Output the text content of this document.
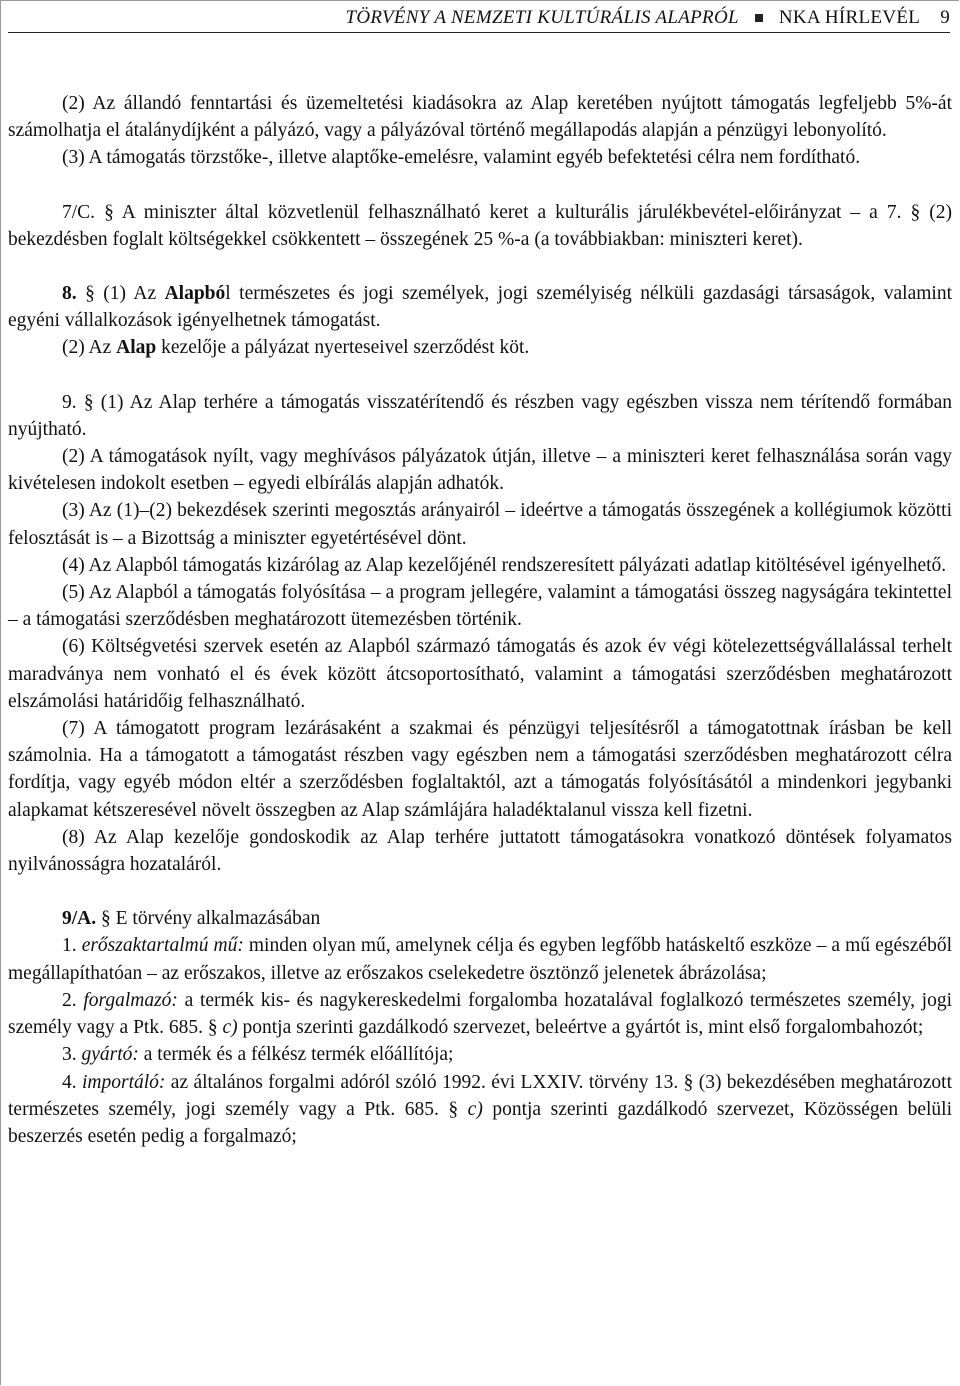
TÖRVÉNY A NEMZETI KULTÚRÁLIS ALAPRÓL NKA HÍRLEVÉL 9

(2) Az állandó fenntartási és üzemeltetési kiadásokra az Alap keretében nyújtott támogatás legfeljebb 5%-át számolhatja el átalánydíjként a pályázó, vagy a pályázóval történő megállapodás alapján a pénzügyi lebonyolító.

(3) A támogatás törzstőke-, illetve alaptőke-emelésre, valamint egyéb befektetési célra nem fordítható.

7/C. § A miniszter által közvetlenül felhasználható keret a kulturális járulékbevétel-előirányzat – a 7. § (2) bekezdésben foglalt költségekkel csökkentett – összegének 25 %-a (a továbbiakban: miniszteri keret).

8. § (1) Az Alapból természetes és jogi személyek, jogi személyiség nélküli gazdasági társaságok, valamint egyéni vállalkozások igényelhetnek támogatást.

(2) Az Alap kezelője a pályázat nyerteseivel szerződést köt.

9. § (1) Az Alap terhére a támogatás visszatérítendő és részben vagy egészben vissza nem térítendő formában nyújtható.

(2) A támogatások nyílt, vagy meghívásos pályázatok útján, illetve – a miniszteri keret felhasználása során vagy kivételesen indokolt esetben – egyedi elbírálás alapján adhatók.

(3) Az (1)–(2) bekezdések szerinti megosztás arányairól – ideértve a támogatás összegének a kollégiumok közötti felosztását is – a Bizottság a miniszter egyetértésével dönt.

(4) Az Alapból támogatás kizárólag az Alap kezelőjénél rendszeresített pályázati adatlap kitöltésével igényelhető.

(5) Az Alapból a támogatás folyósítása – a program jellegére, valamint a támogatási összeg nagyságára tekintettel – a támogatási szerződésben meghatározott ütemezésben történik.

(6) Költségvetési szervek esetén az Alapból származó támogatás és azok év végi kötelezettségvállalással terhelt maradványa nem vonható el és évek között átcsoportosítható, valamint a támogatási szerződésben meghatározott elszámolási határidőig felhasználható.

(7) A támogatott program lezárásaként a szakmai és pénzügyi teljesítésről a támogatottnak írásban be kell számolnia. Ha a támogatott a támogatást részben vagy egészben nem a támogatási szerződésben meghatározott célra fordítja, vagy egyéb módon eltér a szerződésben foglaltaktól, azt a támogatás folyósításától a mindenkori jegybanki alapkamat kétszeresével növelt összegben az Alap számlájára haladéktalanul vissza kell fizetni.

(8) Az Alap kezelője gondoskodik az Alap terhére juttatott támogatásokra vonatkozó döntések folyamatos nyilvánosságra hozataláról.

9/A. § E törvény alkalmazásában

1. erőszaktartalmú mű: minden olyan mű, amelynek célja és egyben legfőbb hatáskeltő eszköze – a mű egészéből megállapíthatóan – az erőszakos, illetve az erőszakos cselekedetre ösztönző jelenetek ábrázolása;

2. forgalmazó: a termék kis- és nagykereskedelmi forgalomba hozatalával foglalkozó természetes személy, jogi személy vagy a Ptk. 685. § c) pontja szerinti gazdálkodó szervezet, beleértve a gyártót is, mint első forgalombahozót;

3. gyártó: a termék és a félkész termék előállítója;

4. importáló: az általános forgalmi adóról szóló 1992. évi LXXIV. törvény 13. § (3) bekezdésében meghatározott természetes személy, jogi személy vagy a Ptk. 685. § c) pontja szerinti gazdálkodó szervezet, Közösségen belüli beszerzés esetén pedig a forgalmazó;
